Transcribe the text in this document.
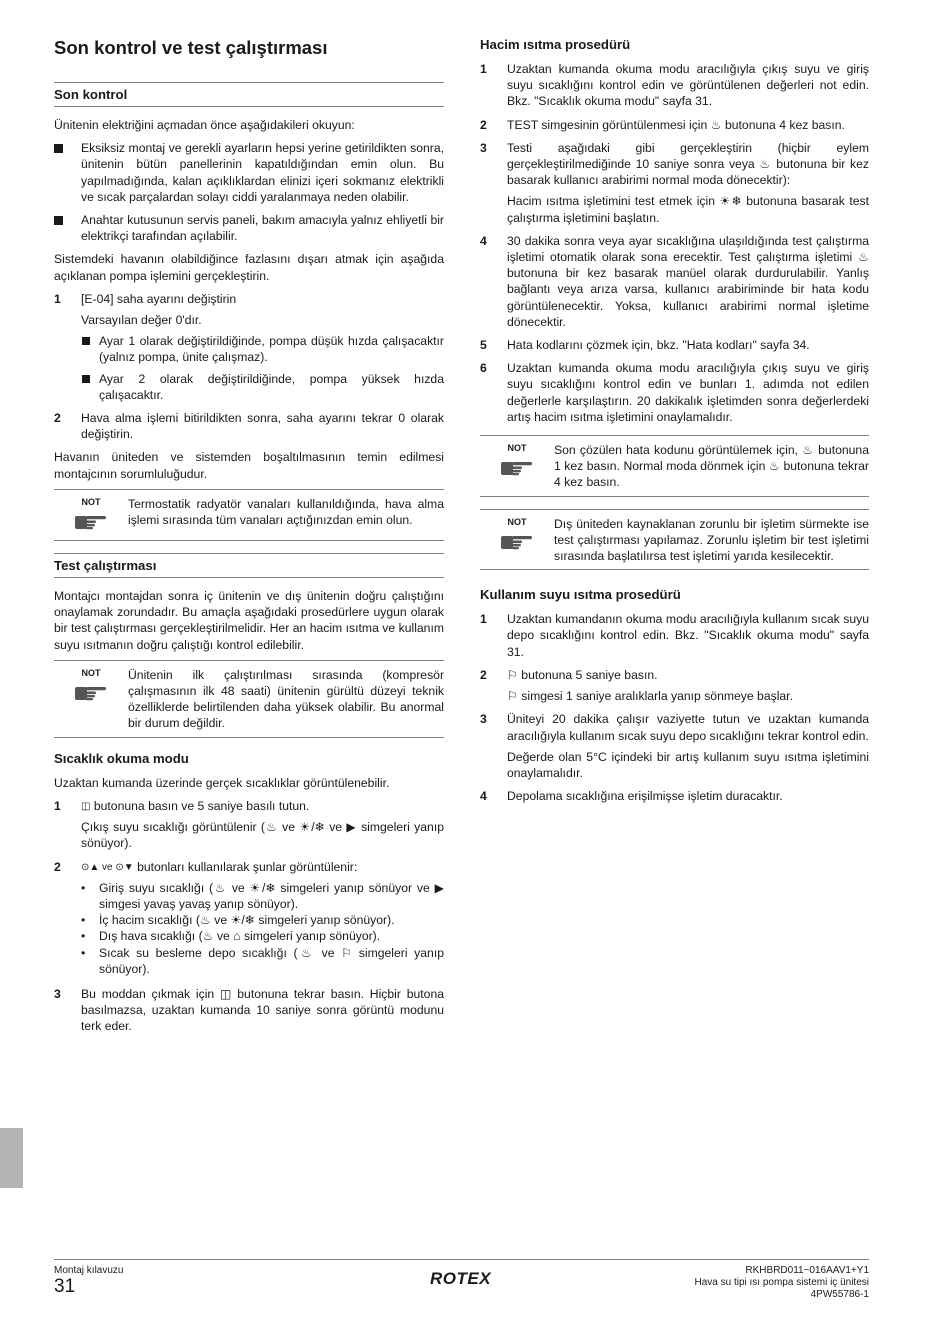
Son kontrol ve test çalıştırması
Son kontrol

Ünitenin elektriğini açmadan önce aşağıdakileri okuyun:

Eksiksiz montaj ve gerekli ayarların hepsi yerine getirildikten sonra, ünitenin bütün panellerinin kapatıldığından emin olun. Bu yapılmadığında, kalan açıklıklardan elinizi içeri sokmanız elektrikli ve sıcak parçalardan solayı ciddi yaralanmaya neden olabilir.
Anahtar kutusunun servis paneli, bakım amacıyla yalnız ehliyetli bir elektrikçi tarafından açılabilir.

Sistemdeki havanın olabildiğince fazlasını dışarı atmak için aşağıda açıklanan pompa işlemini gerçekleştirin.

1 [E-04] saha ayarını değiştirin

Varsayılan değer 0'dır.

Ayar 1 olarak değiştirildiğinde, pompa düşük hızda çalışacaktır (yalnız pompa, ünite çalışmaz).
Ayar 2 olarak değiştirildiğinde, pompa yüksek hızda çalışacaktır.
2 Hava alma işlemi bitirildikten sonra, saha ayarını tekrar 0 olarak değiştirin.

Havanın üniteden ve sistemden boşaltılmasının temin edilmesi montajcının sorumluluğudur.

NOT	Termostatik radyatör vanaları kullanıldığında, hava alma işlemi sırasında tüm vanaları açtığınızdan emin olun.
Test çalıştırması

Montajcı montajdan sonra iç ünitenin ve dış ünitenin doğru çalıştığını onaylamak zorundadır. Bu amaçla aşağıdaki prosedürlere uygun olarak bir test çalıştırması gerçekleştirilmelidir. Her an hacim ısıtma ve kullanım suyu ısıtmanın doğru çalıştığı kontrol edilebilir.

NOT	Ünitenin ilk çalıştırılması sırasında (kompresör çalışmasının ilk 48 saati) ünitenin gürültü düzeyi teknik özelliklerde belirtilenden daha yüksek olabilir. Bu anormal bir durum değildir.
Sıcaklık okuma modu

Uzaktan kumanda üzerinde gerçek sıcaklıklar görüntülenebilir.

1 ◫ butonuna basın ve 5 saniye basılı tutun.

Çıkış suyu sıcaklığı görüntülenir (♨ ve ☀/❄ ve ▶ simgeleri yanıp sönüyor).

2 ⊙▲ ve ⊙▼ butonları kullanılarak şunlar görüntülenir:

• Giriş suyu sıcaklığı (♨ ve ☀/❄ simgeleri yanıp sönüyor ve ▶ simgesi yavaş yavaş yanıp sönüyor).
• İç hacim sıcaklığı (♨ ve ☀/❄ simgeleri yanıp sönüyor).
• Dış hava sıcaklığı (♨ ve ⌂ simgeleri yanıp sönüyor).
• Sıcak su besleme depo sıcaklığı (♨ ve ⚐ simgeleri yanıp sönüyor).
3 Bu moddan çıkmak için ◫ butonuna tekrar basın. Hiçbir butona basılmazsa, uzaktan kumanda 10 saniye sonra görüntü modunu terk eder.

Hacim ısıtma prosedürü
1 Uzaktan kumanda okuma modu aracılığıyla çıkış suyu ve giriş suyu sıcaklığını kontrol edin ve görüntülenen değerleri not edin. Bkz. "Sıcaklık okuma modu" sayfa 31.

2 TEST simgesinin görüntülenmesi için ♨ butonuna 4 kez basın.

3 Testi aşağıdaki gibi gerçekleştirin (hiçbir eylem gerçekleştirilmediğinde 10 saniye sonra veya ♨ butonuna bir kez basarak kullanıcı arabirimi normal moda dönecektir):

Hacim ısıtma işletimini test etmek için ☀❄ butonuna basarak test çalıştırma işletimini başlatın.

4 30 dakika sonra veya ayar sıcaklığına ulaşıldığında test çalıştırma işletimi otomatik olarak sona erecektir. Test çalıştırma işletimi ♨ butonuna bir kez basarak manüel olarak durdurulabilir. Yanlış bağlantı veya arıza varsa, kullanıcı arabiriminde bir hata kodu görüntülenecektir. Yoksa, kullanıcı arabirimi normal işletime dönecektir.

5 Hata kodlarını çözmek için, bkz. "Hata kodları" sayfa 34.

6 Uzaktan kumanda okuma modu aracılığıyla çıkış suyu ve giriş suyu sıcaklığını kontrol edin ve bunları 1. adımda not edilen değerlerle karşılaştırın. 20 dakikalık işletimden sonra değerlerdeki artış hacim ısıtma işletimini onaylamalıdır.

NOT	Son çözülen hata kodunu görüntülemek için, ♨ butonuna 1 kez basın. Normal moda dönmek için ♨ butonuna tekrar 4 kez basın.
NOT	Dış üniteden kaynaklanan zorunlu bir işletim sürmekte ise test çalıştırması yapılamaz. Zorunlu işletim bir test işletimi sırasında başlatılırsa test işletimi yarıda kesilecektir.
Kullanım suyu ısıtma prosedürü
1 Uzaktan kumandanın okuma modu aracılığıyla kullanım sıcak suyu depo sıcaklığını kontrol edin. Bkz. "Sıcaklık okuma modu" sayfa 31.

2 ⚐ butonuna 5 saniye basın.

⚐ simgesi 1 saniye aralıklarla yanıp sönmeye başlar.

3 Üniteyi 20 dakika çalışır vaziyette tutun ve uzaktan kumanda aracılığıyla kullanım sıcak suyu depo sıcaklığını tekrar kontrol edin.

Değerde olan 5°C içindeki bir artış kullanım suyu ısıtma işletimini onaylamalıdır.

4 Depolama sıcaklığına erişilmişse işletim duracaktır.

Montaj kılavuzu
31	ROTEX	RKHBRD011~016AAV1+Y1
Hava su tipi ısı pompa sistemi iç ünitesi
4PW55786-1
